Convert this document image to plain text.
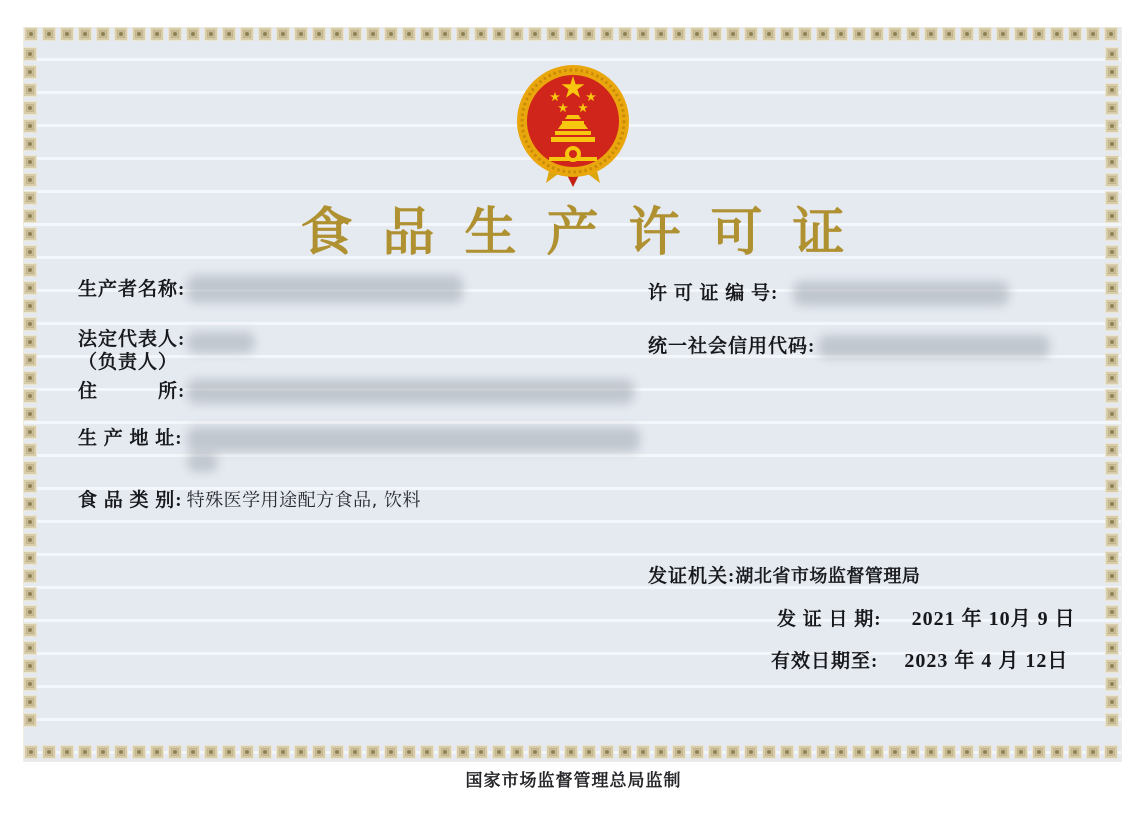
食品生产许可证
生产者名称:
法定代表人:
（负责人）
住　　　所:
生 产 地 址:
食 品 类 别: 特殊医学用途配方食品, 饮料
许 可 证 编 号:
统一社会信用代码:
发证机关: 湖北省市场监督管理局
发 证 日 期: 2021 年 10月 9 日
有效日期至: 2023 年 4 月 12日
国家市场监督管理总局监制
